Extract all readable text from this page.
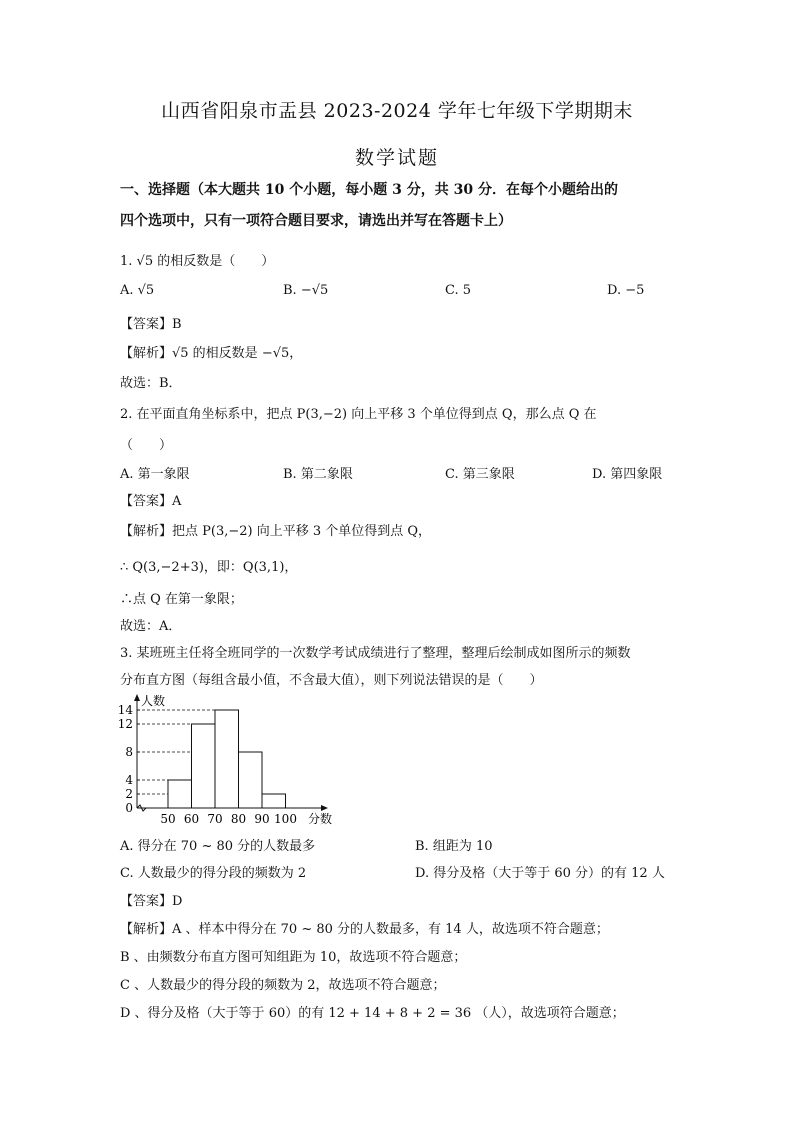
山西省阳泉市盂县 2023-2024 学年七年级下学期期末
数学试题
一、选择题（本大题共 10 个小题，每小题 3 分，共 30 分．在每个小题给出的
四个选项中，只有一项符合题目要求，请选出并写在答题卡上）
1. √5 的相反数是（　　）
A. √5	B. −√5	C. 5	D. −5
【答案】B
【解析】√5 的相反数是 −√5，
故选：B．
2. 在平面直角坐标系中，把点 P(3,−2) 向上平移 3 个单位得到点 Q，那么点 Q 在
（　　）
A. 第一象限	B. 第二象限	C. 第三象限	D. 第四象限
【答案】A
【解析】把点 P(3,−2) 向上平移 3 个单位得到点 Q，
∴ Q(3,−2+3)，即：Q(3,1)，
∴点 Q 在第一象限；
故选：A．
3. 某班班主任将全班同学的一次数学考试成绩进行了整理，整理后绘制成如图所示的频数
分布直方图（每组含最小值，不含最大值），则下列说法错误的是（　　）
0
2
4
8
12
14
50 60 70 80 90 100
人数
分数
A. 得分在 70 ~ 80 分的人数最多	B. 组距为 10
C. 人数最少的得分段的频数为 2	D. 得分及格（大于等于 60 分）的有 12 人
【答案】D
【解析】A 、样本中得分在 70 ~ 80 分的人数最多，有 14 人，故选项不符合题意；
B 、由频数分布直方图可知组距为 10，故选项不符合题意；
C 、人数最少的得分段的频数为 2，故选项不符合题意；
D 、得分及格（大于等于 60）的有 12 + 14 + 8 + 2 = 36 （人），故选项符合题意；
